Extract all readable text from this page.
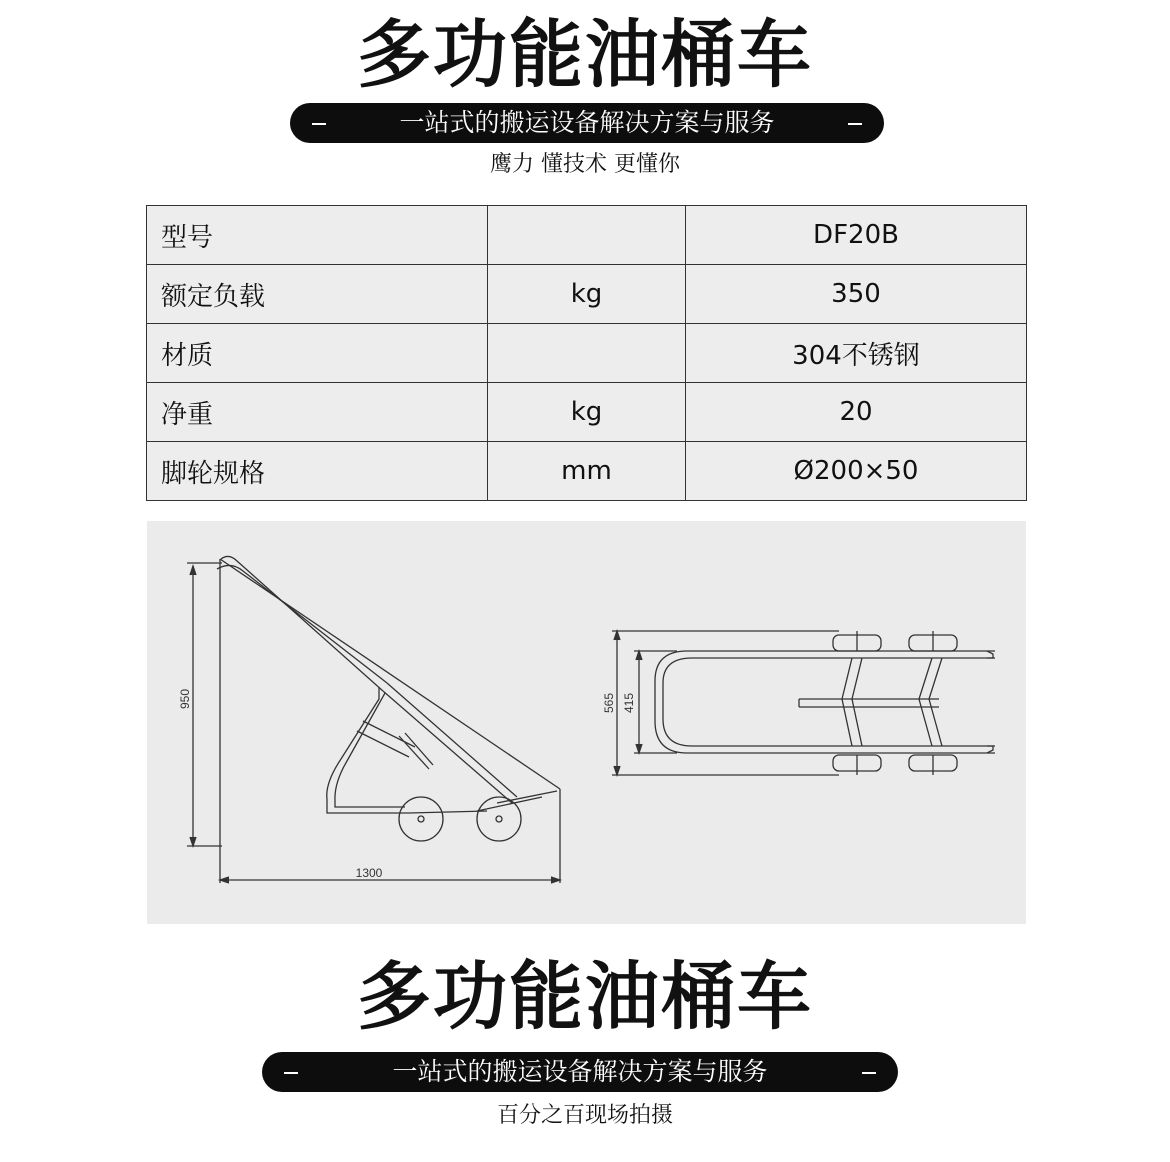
多功能油桶车
一站式的搬运设备解决方案与服务
鹰力 懂技术 更懂你
型号		DF20B
额定负载	kg	350
材质		304不锈钢
净重	kg	20
脚轮规格	mm	Ø200×50
1300
950	565 415
多功能油桶车
一站式的搬运设备解决方案与服务
百分之百现场拍摄
